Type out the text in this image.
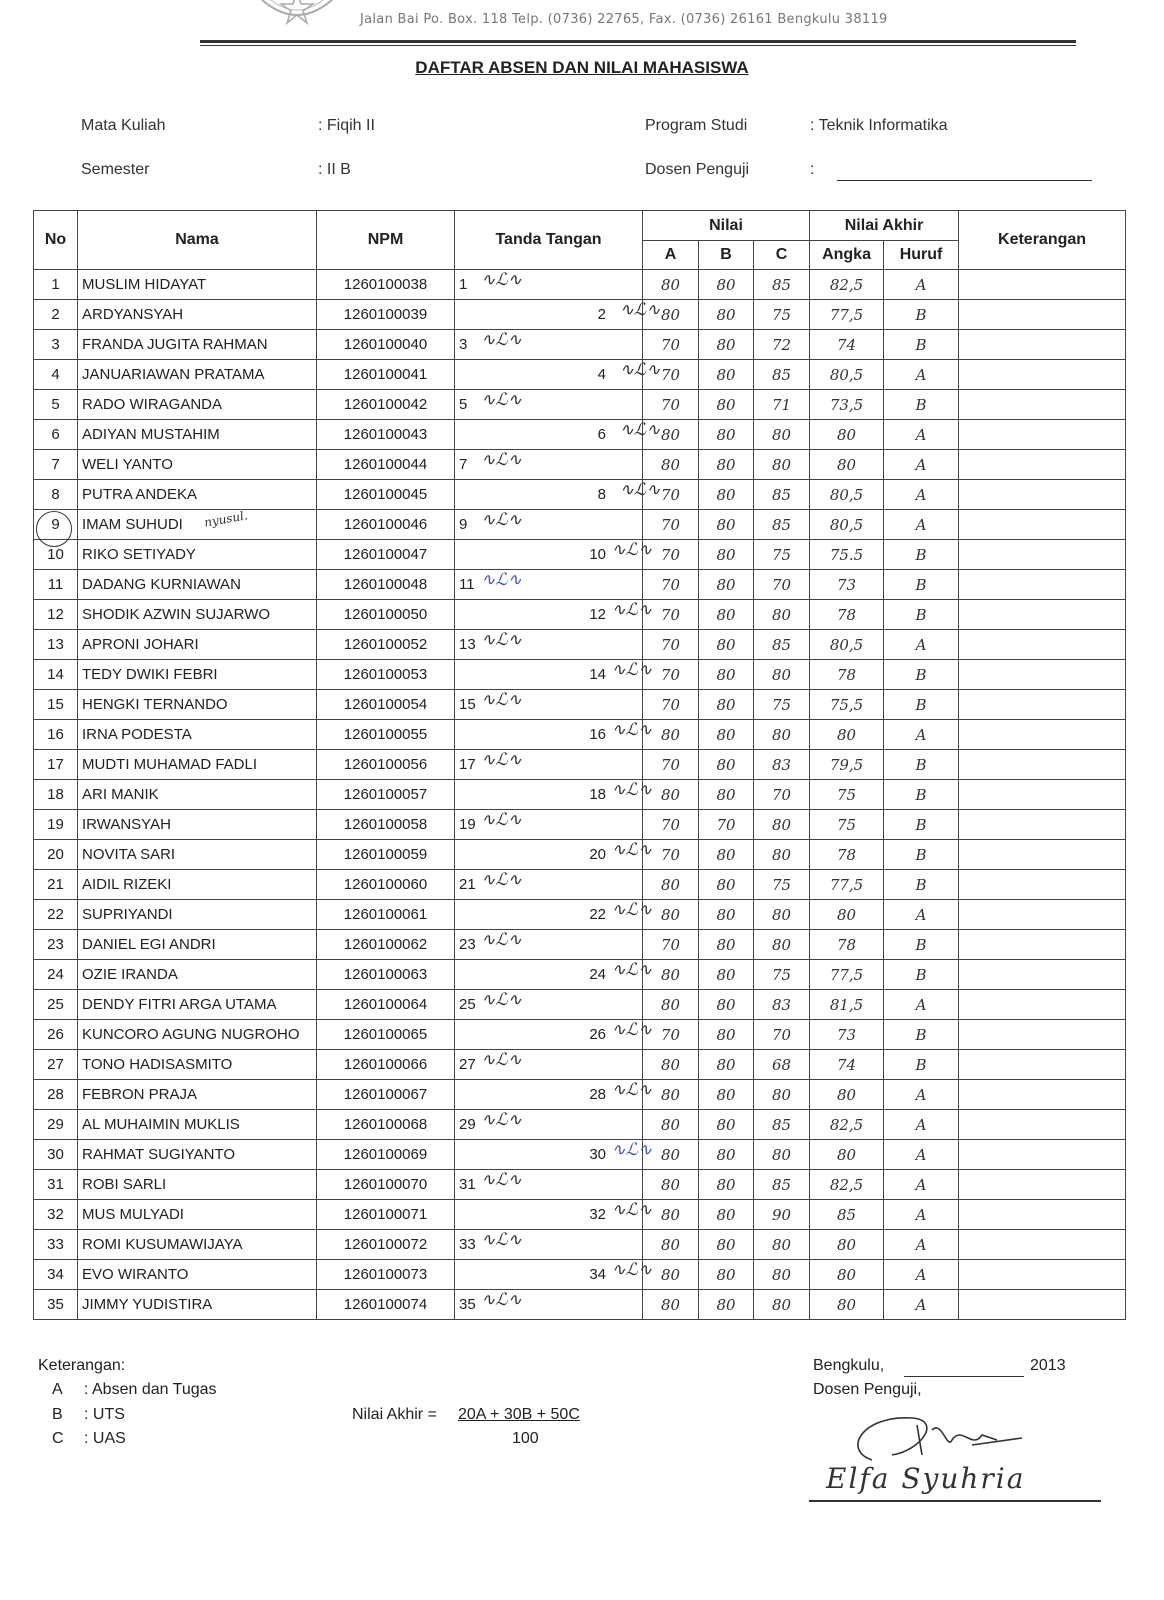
Jalan Bai Po. Box. 118 Telp. (0736) 22765, Fax. (0736) 26161 Bengkulu 38119
DAFTAR ABSEN DAN NILAI MAHASISWA
Mata Kuliah	: Fiqih II
Semester	: II B
Program Studi	: Teknik Informatika
Dosen Penguji	:
No	Nama	NPM	Tanda Tangan	Nilai			Nilai Akhir		Keterangan
				A	B	C	Angka	Huruf	
1	MUSLIM HIDAYAT	1260100038	1 ∿ℒ∿	80	80	85	82,5	A	
2	ARDYANSYAH	1260100039	2 ∿ℒ∿	80	80	75	77,5	B	
3	FRANDA JUGITA RAHMAN	1260100040	3 ∿ℒ∿	70	80	72	74	B	
4	JANUARIAWAN PRATAMA	1260100041	4 ∿ℒ∿	70	80	85	80,5	A	
5	RADO WIRAGANDA	1260100042	5 ∿ℒ∿	70	80	71	73,5	B	
6	ADIYAN MUSTAHIM	1260100043	6 ∿ℒ∿	80	80	80	80	A	
7	WELI YANTO	1260100044	7 ∿ℒ∿	80	80	80	80	A	
8	PUTRA ANDEKA	1260100045	8 ∿ℒ∿	70	80	85	80,5	A	
9	IMAM SUHUDI	1260100046	9 ∿ℒ∿	70	80	85	80,5	A	
10	RIKO SETIYADY	1260100047	10 ∿ℒ∿	70	80	75	75.5	B	
11	DADANG KURNIAWAN	1260100048	11 ∿ℒ∿	70	80	70	73	B	
12	SHODIK AZWIN SUJARWO	1260100050	12 ∿ℒ∿	70	80	80	78	B	
13	APRONI JOHARI	1260100052	13 ∿ℒ∿	70	80	85	80,5	A	
14	TEDY DWIKI FEBRI	1260100053	14 ∿ℒ∿	70	80	80	78	B	
15	HENGKI TERNANDO	1260100054	15 ∿ℒ∿	70	80	75	75,5	B	
16	IRNA PODESTA	1260100055	16 ∿ℒ∿	80	80	80	80	A	
17	MUDTI MUHAMAD FADLI	1260100056	17 ∿ℒ∿	70	80	83	79,5	B	
18	ARI MANIK	1260100057	18 ∿ℒ∿	80	80	70	75	B	
19	IRWANSYAH	1260100058	19 ∿ℒ∿	70	70	80	75	B	
20	NOVITA SARI	1260100059	20 ∿ℒ∿	70	80	80	78	B	
21	AIDIL RIZEKI	1260100060	21 ∿ℒ∿	80	80	75	77,5	B	
22	SUPRIYANDI	1260100061	22 ∿ℒ∿	80	80	80	80	A	
23	DANIEL EGI ANDRI	1260100062	23 ∿ℒ∿	70	80	80	78	B	
24	OZIE IRANDA	1260100063	24 ∿ℒ∿	80	80	75	77,5	B	
25	DENDY FITRI ARGA UTAMA	1260100064	25 ∿ℒ∿	80	80	83	81,5	A	
26	KUNCORO AGUNG NUGROHO	1260100065	26 ∿ℒ∿	70	80	70	73	B	
27	TONO HADISASMITO	1260100066	27 ∿ℒ∿	80	80	68	74	B	
28	FEBRON PRAJA	1260100067	28 ∿ℒ∿	80	80	80	80	A	
29	AL MUHAIMIN MUKLIS	1260100068	29 ∿ℒ∿	80	80	85	82,5	A	
30	RAHMAT SUGIYANTO	1260100069	30 ∿ℒ∿	80	80	80	80	A	
31	ROBI SARLI	1260100070	31 ∿ℒ∿	80	80	85	82,5	A	
32	MUS MULYADI	1260100071	32 ∿ℒ∿	80	80	90	85	A	
33	ROMI KUSUMAWIJAYA	1260100072	33 ∿ℒ∿	80	80	80	80	A	
34	EVO WIRANTO	1260100073	34 ∿ℒ∿	80	80	80	80	A	
35	JIMMY YUDISTIRA	1260100074	35 ∿ℒ∿	80	80	80	80	A	
nyusul.
Keterangan:
A : Absen dan Tugas
B : UTS
C : UAS
Nilai Akhir = 20A + 30B + 50C
100
Bengkulu,	2013
Dosen Penguji,
Elfa Syuhria
